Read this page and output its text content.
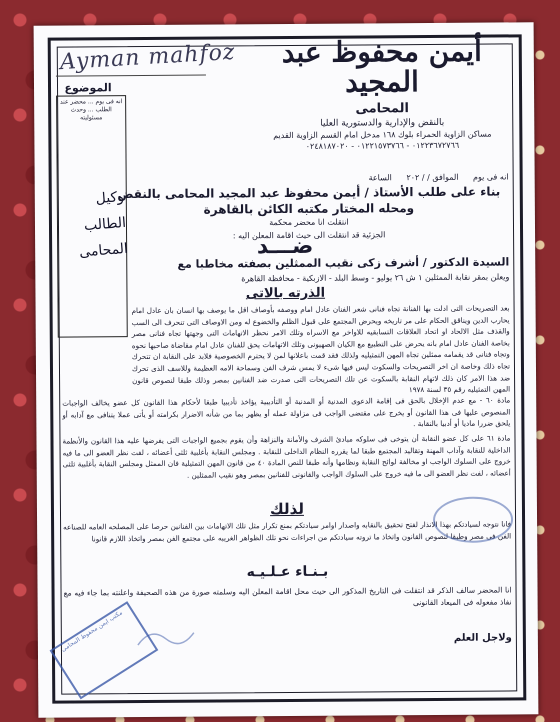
أيمن محفوظ عبد المجيد
المحامى
بالنقض والإدارية والدستورية العليا
مساكن الزاوية الحمراء بلوك ١٦٨ مدخل امام القسم الزاوية القديم
٠١٢٢٣٦٧٢٧٦٦ - ٠١٢٢١٥٧٣٧٦٦ - ٠٢٤٨١٨٧٠٢٠
Ayman mahfoz
الموضوع
انه فى يوم ... محضر عند الطلب ... وحدث مسئوليته
وكيل الطالب
المحامى
انه فى يوم الموافق / / ٢٠٢ الساعة
بناء على طلب الأستاذ / أيمن محفوظ عبد المجيد المحامى بالنقض
ومحله المختار مكتبه الكائن بالقاهرة
انتقلت انا محضر محكمة
الجزئية قد انتقلت الى حيث اقامة المعلن اليه :
ضـــد
السيدة الدكتور / أشرف زكى نقيب الممثلين بصفته مخاطبا مع
ويعلن بمقر نقابة الممثلين ١ ش ٢٦ يوليو - وسط البلد - الازبكية - محافظة القاهرة
الذرته بالاتى
بعد التصريحات التى ادلت بها الفنانة تجاه فنانى شعر الفنان عادل امام ووصفه بأوصاف اقل ما يوصف بها انسان بان عادل امام يحارب الدين ويناقق الحكام على مر تاريخه ويحرض المجتمع على قبول الظلم والخضوع له ومن الاوصاف التى تنحرف الى السب والقذف مثل الالحاد او اتحاد العلاقات التسابقيه للاواخر مع الاسراه وتلك الامر نحظر الاتهامات التى وجهتها تجاه فنانى مصر بخاصة الفنان عادل امام بانه يحرض على التطبيع مع الكيان الصهيونى وتلك الاتهامات يحق للفنان عادل امام مقاضاة صاحبها نحوه وتجاه فنانى قد يقمامه ممثلين تجاه المهن التمثيليه ولذلك فقد قمت باعلانها لمن لا يحترم الخصوصية فلابد على النقابة ان تتحرك تجاه ذلك وخاصة ان اخر التصريحات والسكوت ليس فيها شىء لا يمس شرف الفن وسماحة الامه العظيمة وللاسف الذى تحرك ضد هذا الامر كان ذلك لاتهام النقابة بالسكوت عن تلك التصريحات التى صدرت ضد الفنانين بمصر وذلك طبقا لنصوص قانون المهن التمثيليه رقم ٣٥ لسنة ١٩٧٨
مادة ٦٠ - مع عدم الإخلال بالحق فى إقامة الدعوى المدنية أو المدنية أو التأديبية يؤاخذ تأديبيا طبقا لأحكام هذا القانون كل عضو يخالف الواجبات المنصوص عليها فى هذا القانون أو يخرج على مقتضى الواجب فى مزاولة عمله أو يظهر بما من شأنه الاضرار بكرامته أو يأتى عملا يتنافى مع آدابه أو يلحق ضررا ماديا أو أدبيا بالنقابة .
مادة ٦١ على كل عضو النقابة أن يتوخى فى سلوكه مبادئ الشرف والأمانة والنزاهة وأن يقوم بجميع الواجبات التى يفرضها عليه هذا القانون والأنظمة الداخلية للنقابة وآداب المهنة وتقاليد المجتمع طبقا لما يقرره النظام الداخلى للنقابة . ومجلس النقابة بأغلبية ثلثى أعضائه ، لفت نظر العضو الى ما فيه خروج على السلوك الواجب او مخالفة لوائح النقابة ونظامها وأنه طبقا للنص المادة ٤٠ من قانون المهن التمثيلية فان الممثل ومجلس النقابة بأغلبية ثلثى أعضائه ، لفت نظر العضو الى ما فيه خروج على السلوك الواجب والقانونى للفنانين بمصر وهو نقيب الممثلين .
لذلك
فانا نتوجه لسيادتكم بهذا الانذار لفتح تحقيق بالنقابه واصدار اوامر سيادتكم بمنع تكرار مثل تلك الاتهامات بين الفنانين حرصا على المصلحه العامه للصناعه الفن فى مصر وطبقا لنصوص القانون واتخاذ ما تروته سيادتكم من اجراءات نحو تلك الظواهر الغريبه على مجتمع الفن بمصر واتخاذ اللازم قانونا
بـنـاء عـلـيـه
انا المحضر سالف الذكر قد انتقلت فى التاريخ المذكور الى حيث محل اقامة المعلن اليه وسلمته صورة من هذه الصحيفة واعلنته بما جاء فيه مع نفاذ مفعوله فى الميعاد القانونى
ولاجل العلم
مكتب ايمن محفوظ المحامى
